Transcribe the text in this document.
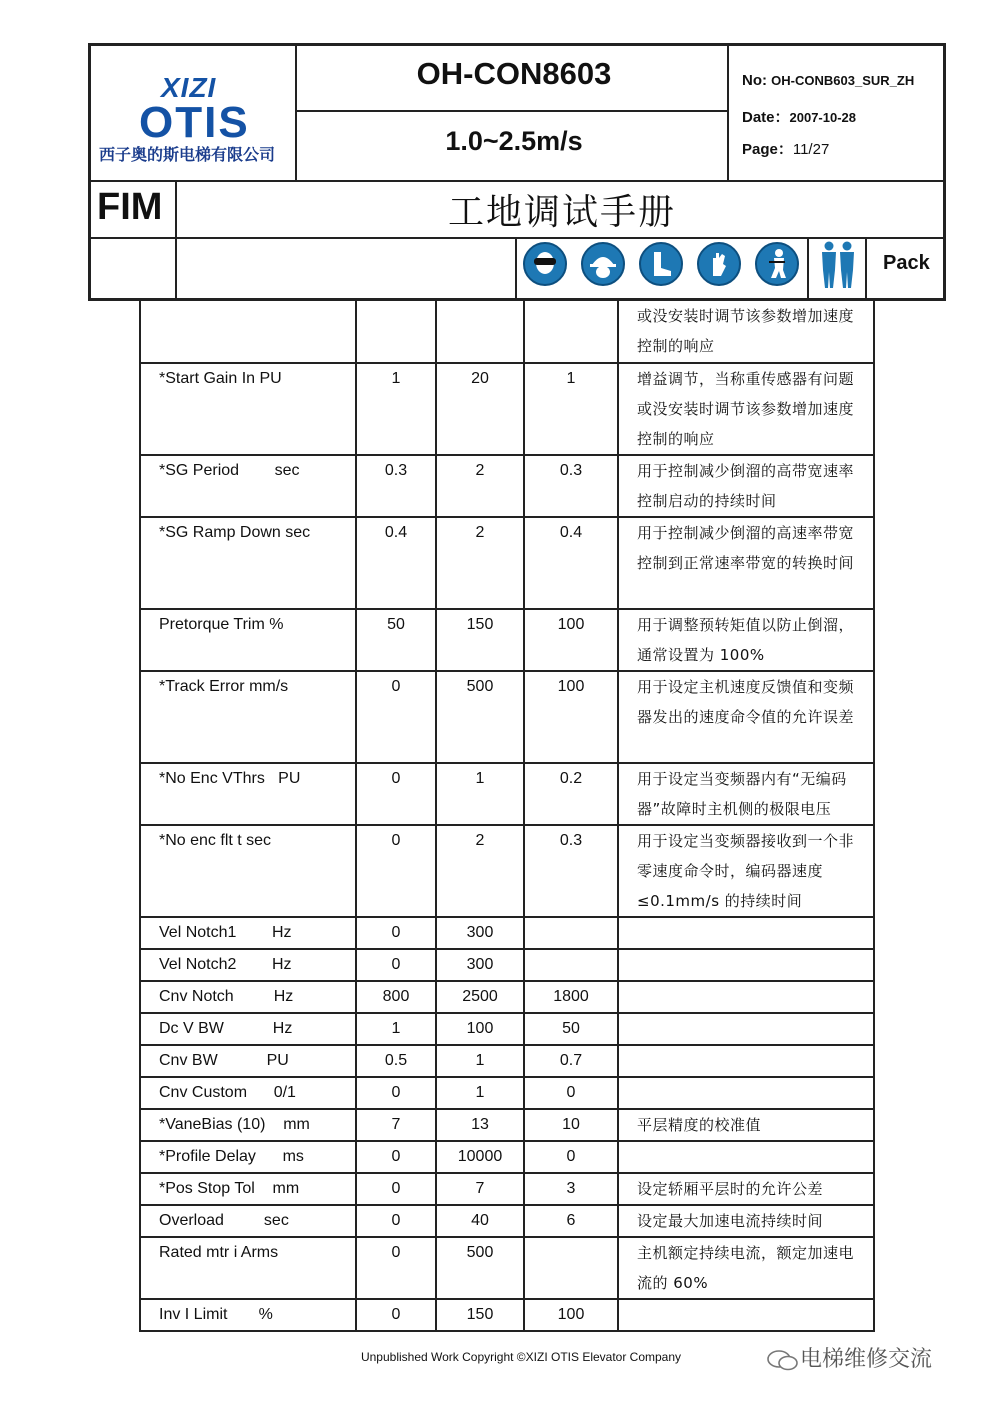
XIZI
OTIS
西子奥的斯电梯有限公司
OH-CON8603
1.0~2.5m/s
No: OH-CONB603_SUR_ZH
Date：2007-10-28
Page：11/27
FIM	工地调试手册
Pack
				或没安装时调节该参数增加速度控制的响应
*Start Gain In PU	1	20	1	增益调节，当称重传感器有问题或没安装时调节该参数增加速度控制的响应
*SG Period        sec	0.3	2	0.3	用于控制减少倒溜的高带宽速率控制启动的持续时间
*SG Ramp Down sec	0.4	2	0.4	用于控制减少倒溜的高速率带宽控制到正常速率带宽的转换时间
Pretorque Trim %	50	150	100	用于调整预转矩值以防止倒溜，通常设置为 100%
*Track Error mm/s	0	500	100	用于设定主机速度反馈值和变频器发出的速度命令值的允许误差
*No Enc VThrs   PU	0	1	0.2	用于设定当变频器内有“无编码器”故障时主机侧的极限电压
*No enc flt t sec	0	2	0.3	用于设定当变频器接收到一个非零速度命令时，编码器速度≤0.1mm/s 的持续时间
Vel Notch1        Hz	0	300		
Vel Notch2        Hz	0	300		
Cnv Notch         Hz	800	2500	1800	
Dc V BW           Hz	1	100	50	
Cnv BW           PU	0.5	1	0.7	
Cnv Custom      0/1	0	1	0	
*VaneBias (10)    mm	7	13	10	平层精度的校准值
*Profile Delay      ms	0	10000	0	
*Pos Stop Tol    mm	0	7	3	设定轿厢平层时的允许公差
Overload         sec	0	40	6	设定最大加速电流持续时间
Rated mtr i Arms	0	500		主机额定持续电流，额定加速电流的 60%
Inv I Limit       %	0	150	100	
Unpublished Work Copyright ©XIZI OTIS Elevator Company	电梯维修交流
